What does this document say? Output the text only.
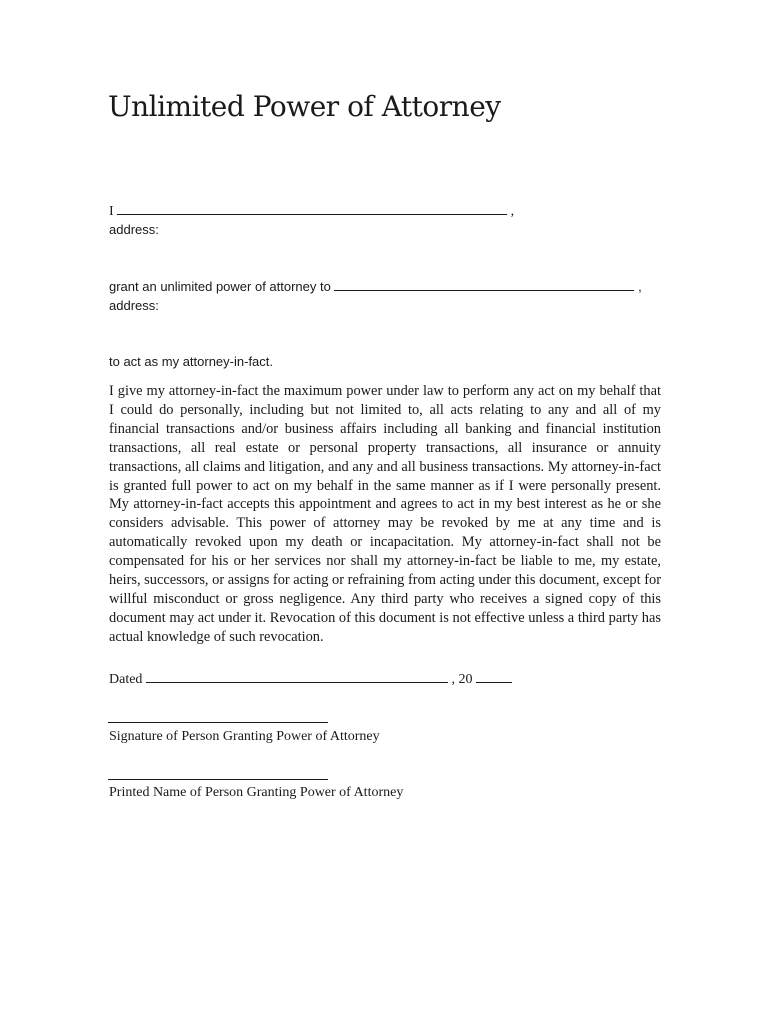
Unlimited Power of Attorney
I	,
address:
grant an unlimited power of attorney to	,
address:
to act as my attorney-in-fact.

I give my attorney-in-fact the maximum power under law to perform any act on my behalf that I could do personally, including but not limited to, all acts relating to any and all of my financial transactions and/or business affairs including all banking and financial institution transactions, all real estate or personal property transactions, all insurance or annuity transactions, all claims and litigation, and any and all business transactions. My attorney-in-fact is granted full power to act on my behalf in the same manner as if I were personally present. My attorney-in-fact accepts this appointment and agrees to act in my best interest as he or she considers advisable. This power of attorney may be revoked by me at any time and is automatically revoked upon my death or incapacitation. My attorney-in-fact shall not be compensated for his or her services nor shall my attorney-in-fact be liable to me, my estate, heirs, successors, or assigns for acting or refraining from acting under this document, except for willful misconduct or gross negligence. Any third party who receives a signed copy of this document may act under it. Revocation of this document is not effective unless a third party has actual knowledge of such revocation.

Dated	, 20
Signature of Person Granting Power of Attorney
Printed Name of Person Granting Power of Attorney
